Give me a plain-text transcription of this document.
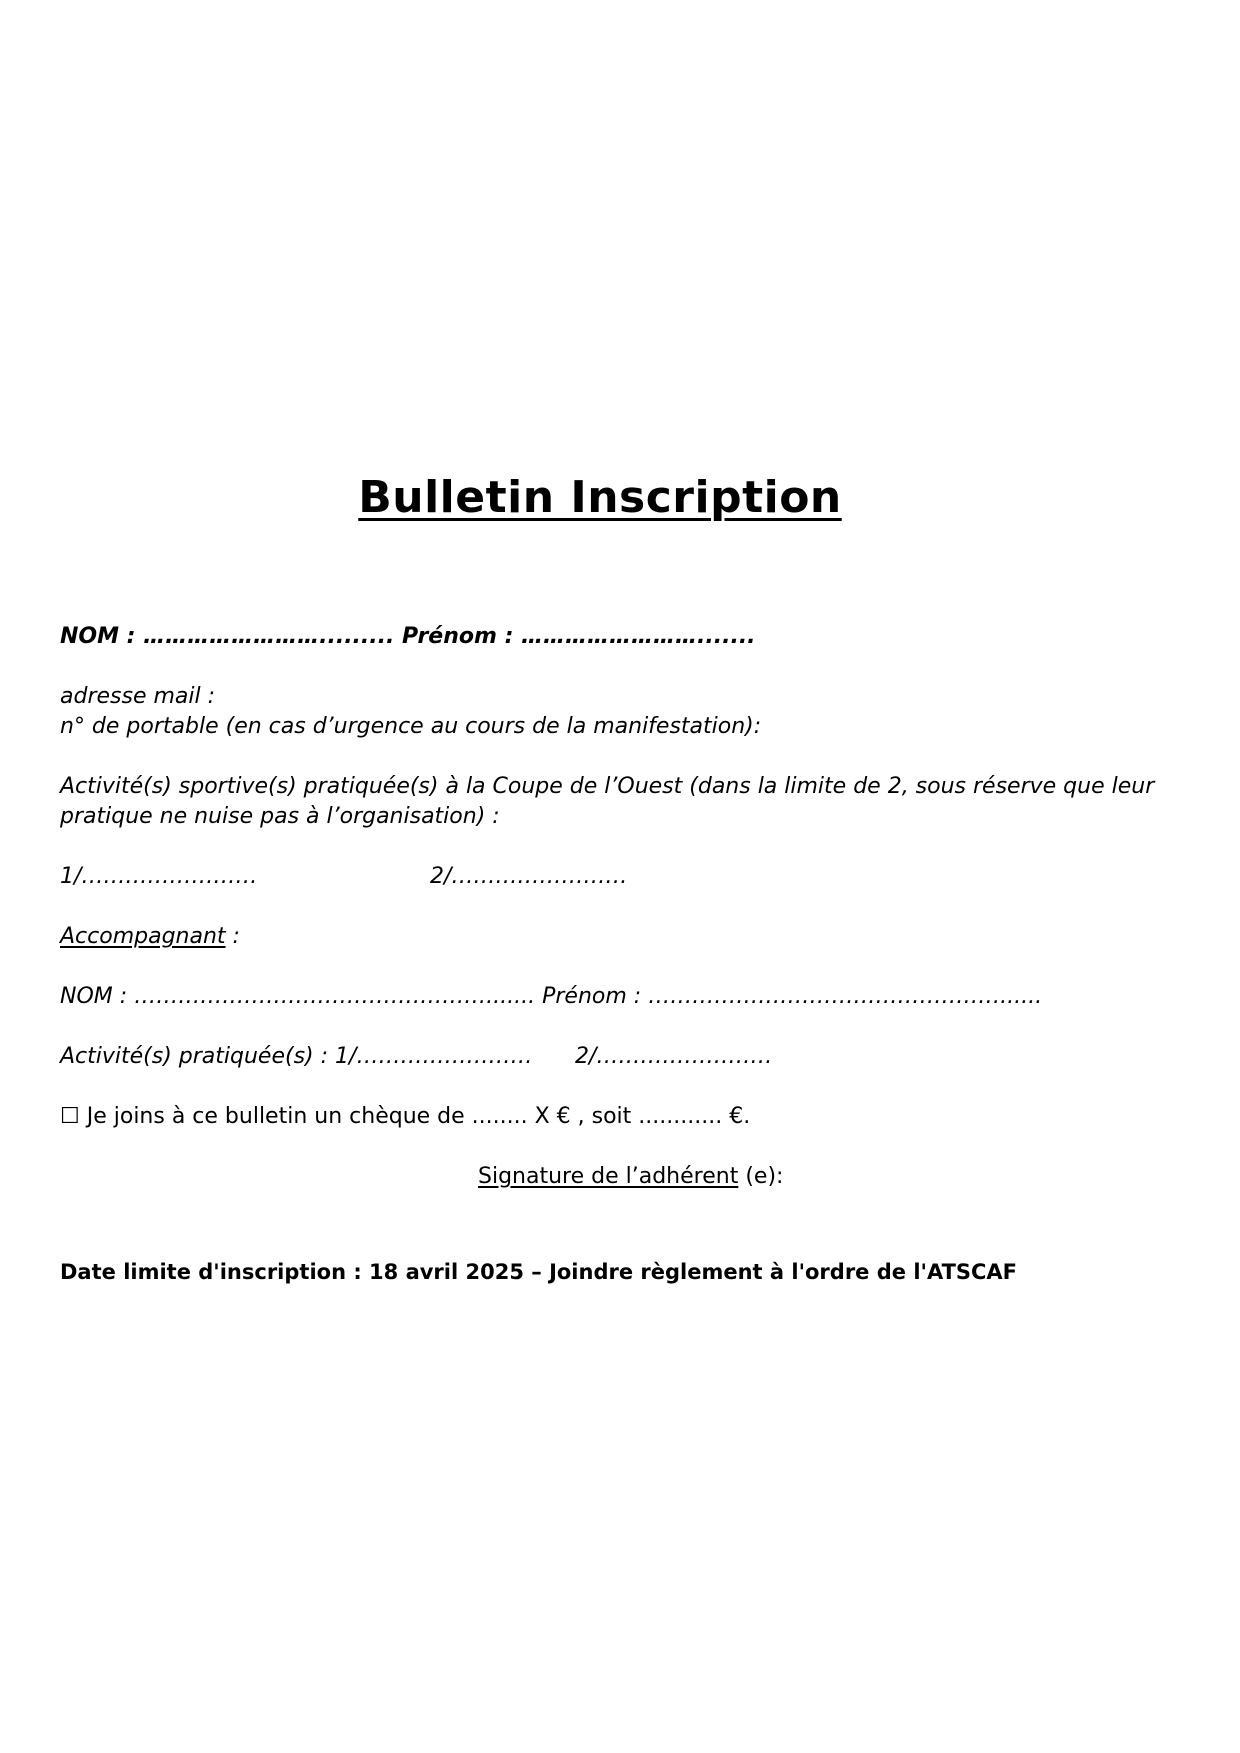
Bulletin Inscription
NOM : ……………………......... Prénom : …………………….......
adresse mail :
n° de portable (en cas d’urgence au cours de la manifestation):
Activité(s) sportive(s) pratiquée(s) à la Coupe de l’Ouest (dans la limite de 2, sous réserve que leur pratique ne nuise pas à l’organisation) :
1/……………………	2/……………………
Accompagnant :
NOM : …………………………………………....... Prénom : …………………………………………......
Activité(s) pratiquée(s) : 1/…………………… 2/……………………
☐ Je joins à ce bulletin un chèque de ........ X € , soit ............ €.
Signature de l’adhérent (e):
Date limite d'inscription : 18 avril 2025 – Joindre règlement à l'ordre de l'ATSCAF
